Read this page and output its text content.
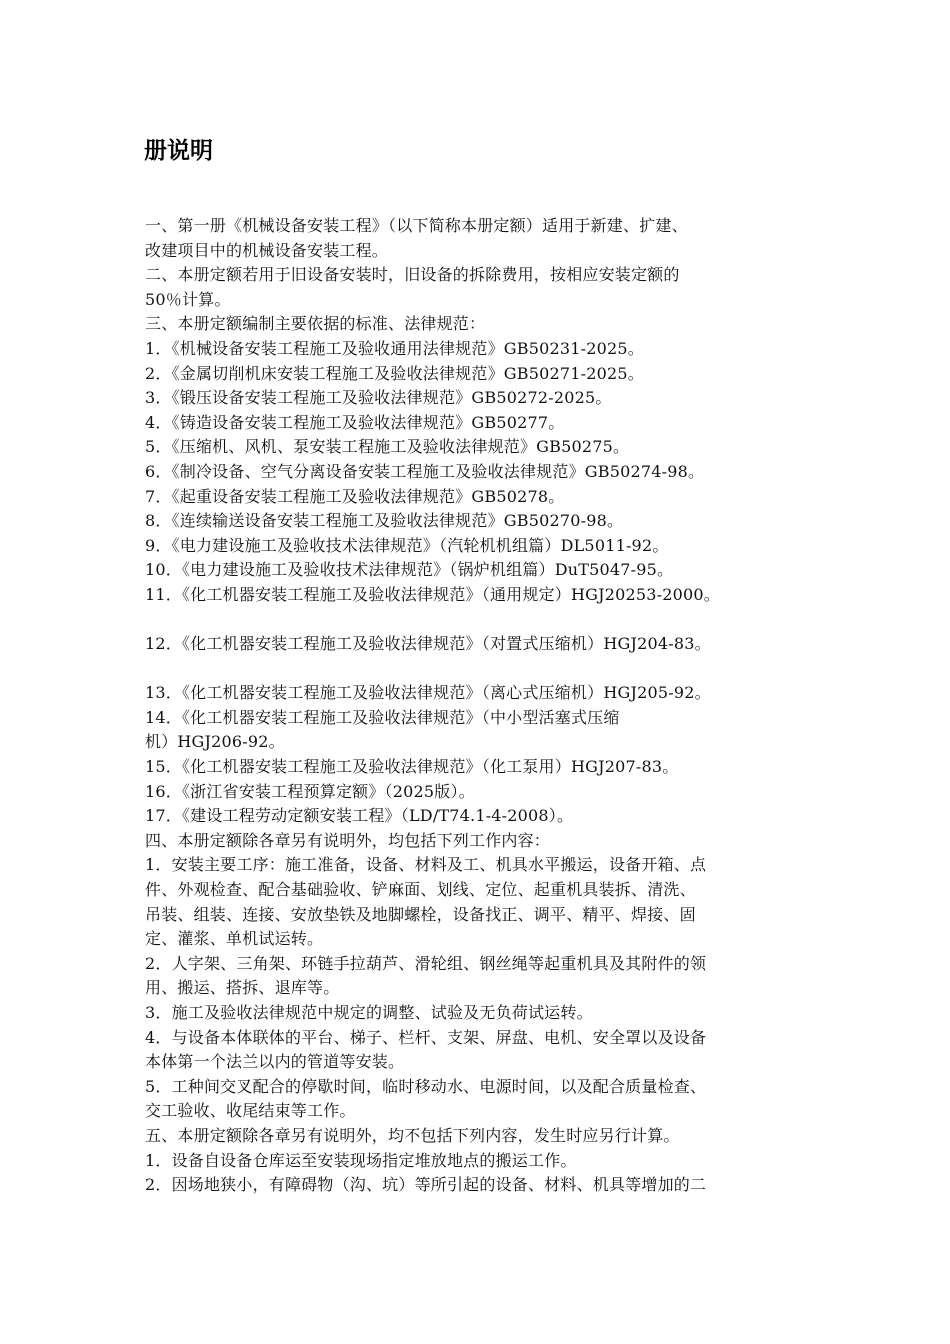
册说明
一、第一册《机械设备安装工程》（以下简称本册定额）适用于新建、扩建、
改建项目中的机械设备安装工程。
二、本册定额若用于旧设备安装时，旧设备的拆除费用，按相应安装定额的
50％计算。
三、本册定额编制主要依据的标准、法律规范：
1．《机械设备安装工程施工及验收通用法律规范》GB50231-2025。
2．《金属切削机床安装工程施工及验收法律规范》GB50271-2025。
3．《锻压设备安装工程施工及验收法律规范》GB50272-2025。
4．《铸造设备安装工程施工及验收法律规范》GB50277。
5．《压缩机、风机、泵安装工程施工及验收法律规范》GB50275。
6．《制冷设备、空气分离设备安装工程施工及验收法律规范》GB50274-98。
7．《起重设备安装工程施工及验收法律规范》GB50278。
8．《连续输送设备安装工程施工及验收法律规范》GB50270-98。
9．《电力建设施工及验收技术法律规范》（汽轮机机组篇）DL5011-92。
10．《电力建设施工及验收技术法律规范》（锅炉机组篇）DuT5047-95。
11．《化工机器安装工程施工及验收法律规范》（通用规定）HGJ20253-2000。
12．《化工机器安装工程施工及验收法律规范》（对置式压缩机）HGJ204-83。
13．《化工机器安装工程施工及验收法律规范》（离心式压缩机）HGJ205-92。
14．《化工机器安装工程施工及验收法律规范》（中小型活塞式压缩
机）HGJ206-92。
15．《化工机器安装工程施工及验收法律规范》（化工泵用）HGJ207-83。
16．《浙江省安装工程预算定额》（2025版）。
17．《建设工程劳动定额安装工程》（LD/T74.1-4-2008）。
四、本册定额除各章另有说明外，均包括下列工作内容：
1．安装主要工序：施工准备，设备、材料及工、机具水平搬运，设备开箱、点
件、外观检查、配合基础验收、铲麻面、划线、定位、起重机具装拆、清洗、
吊装、组装、连接、安放垫铁及地脚螺栓，设备找正、调平、精平、焊接、固
定、灌浆、单机试运转。
2．人字架、三角架、环链手拉葫芦、滑轮组、钢丝绳等起重机具及其附件的领
用、搬运、搭拆、退库等。
3．施工及验收法律规范中规定的调整、试验及无负荷试运转。
4．与设备本体联体的平台、梯子、栏杆、支架、屏盘、电机、安全罩以及设备
本体第一个法兰以内的管道等安装。
5．工种间交叉配合的停歇时间，临时移动水、电源时间，以及配合质量检查、
交工验收、收尾结束等工作。
五、本册定额除各章另有说明外，均不包括下列内容，发生时应另行计算。
1．设备自设备仓库运至安装现场指定堆放地点的搬运工作。
2．因场地狭小，有障碍物（沟、坑）等所引起的设备、材料、机具等增加的二
